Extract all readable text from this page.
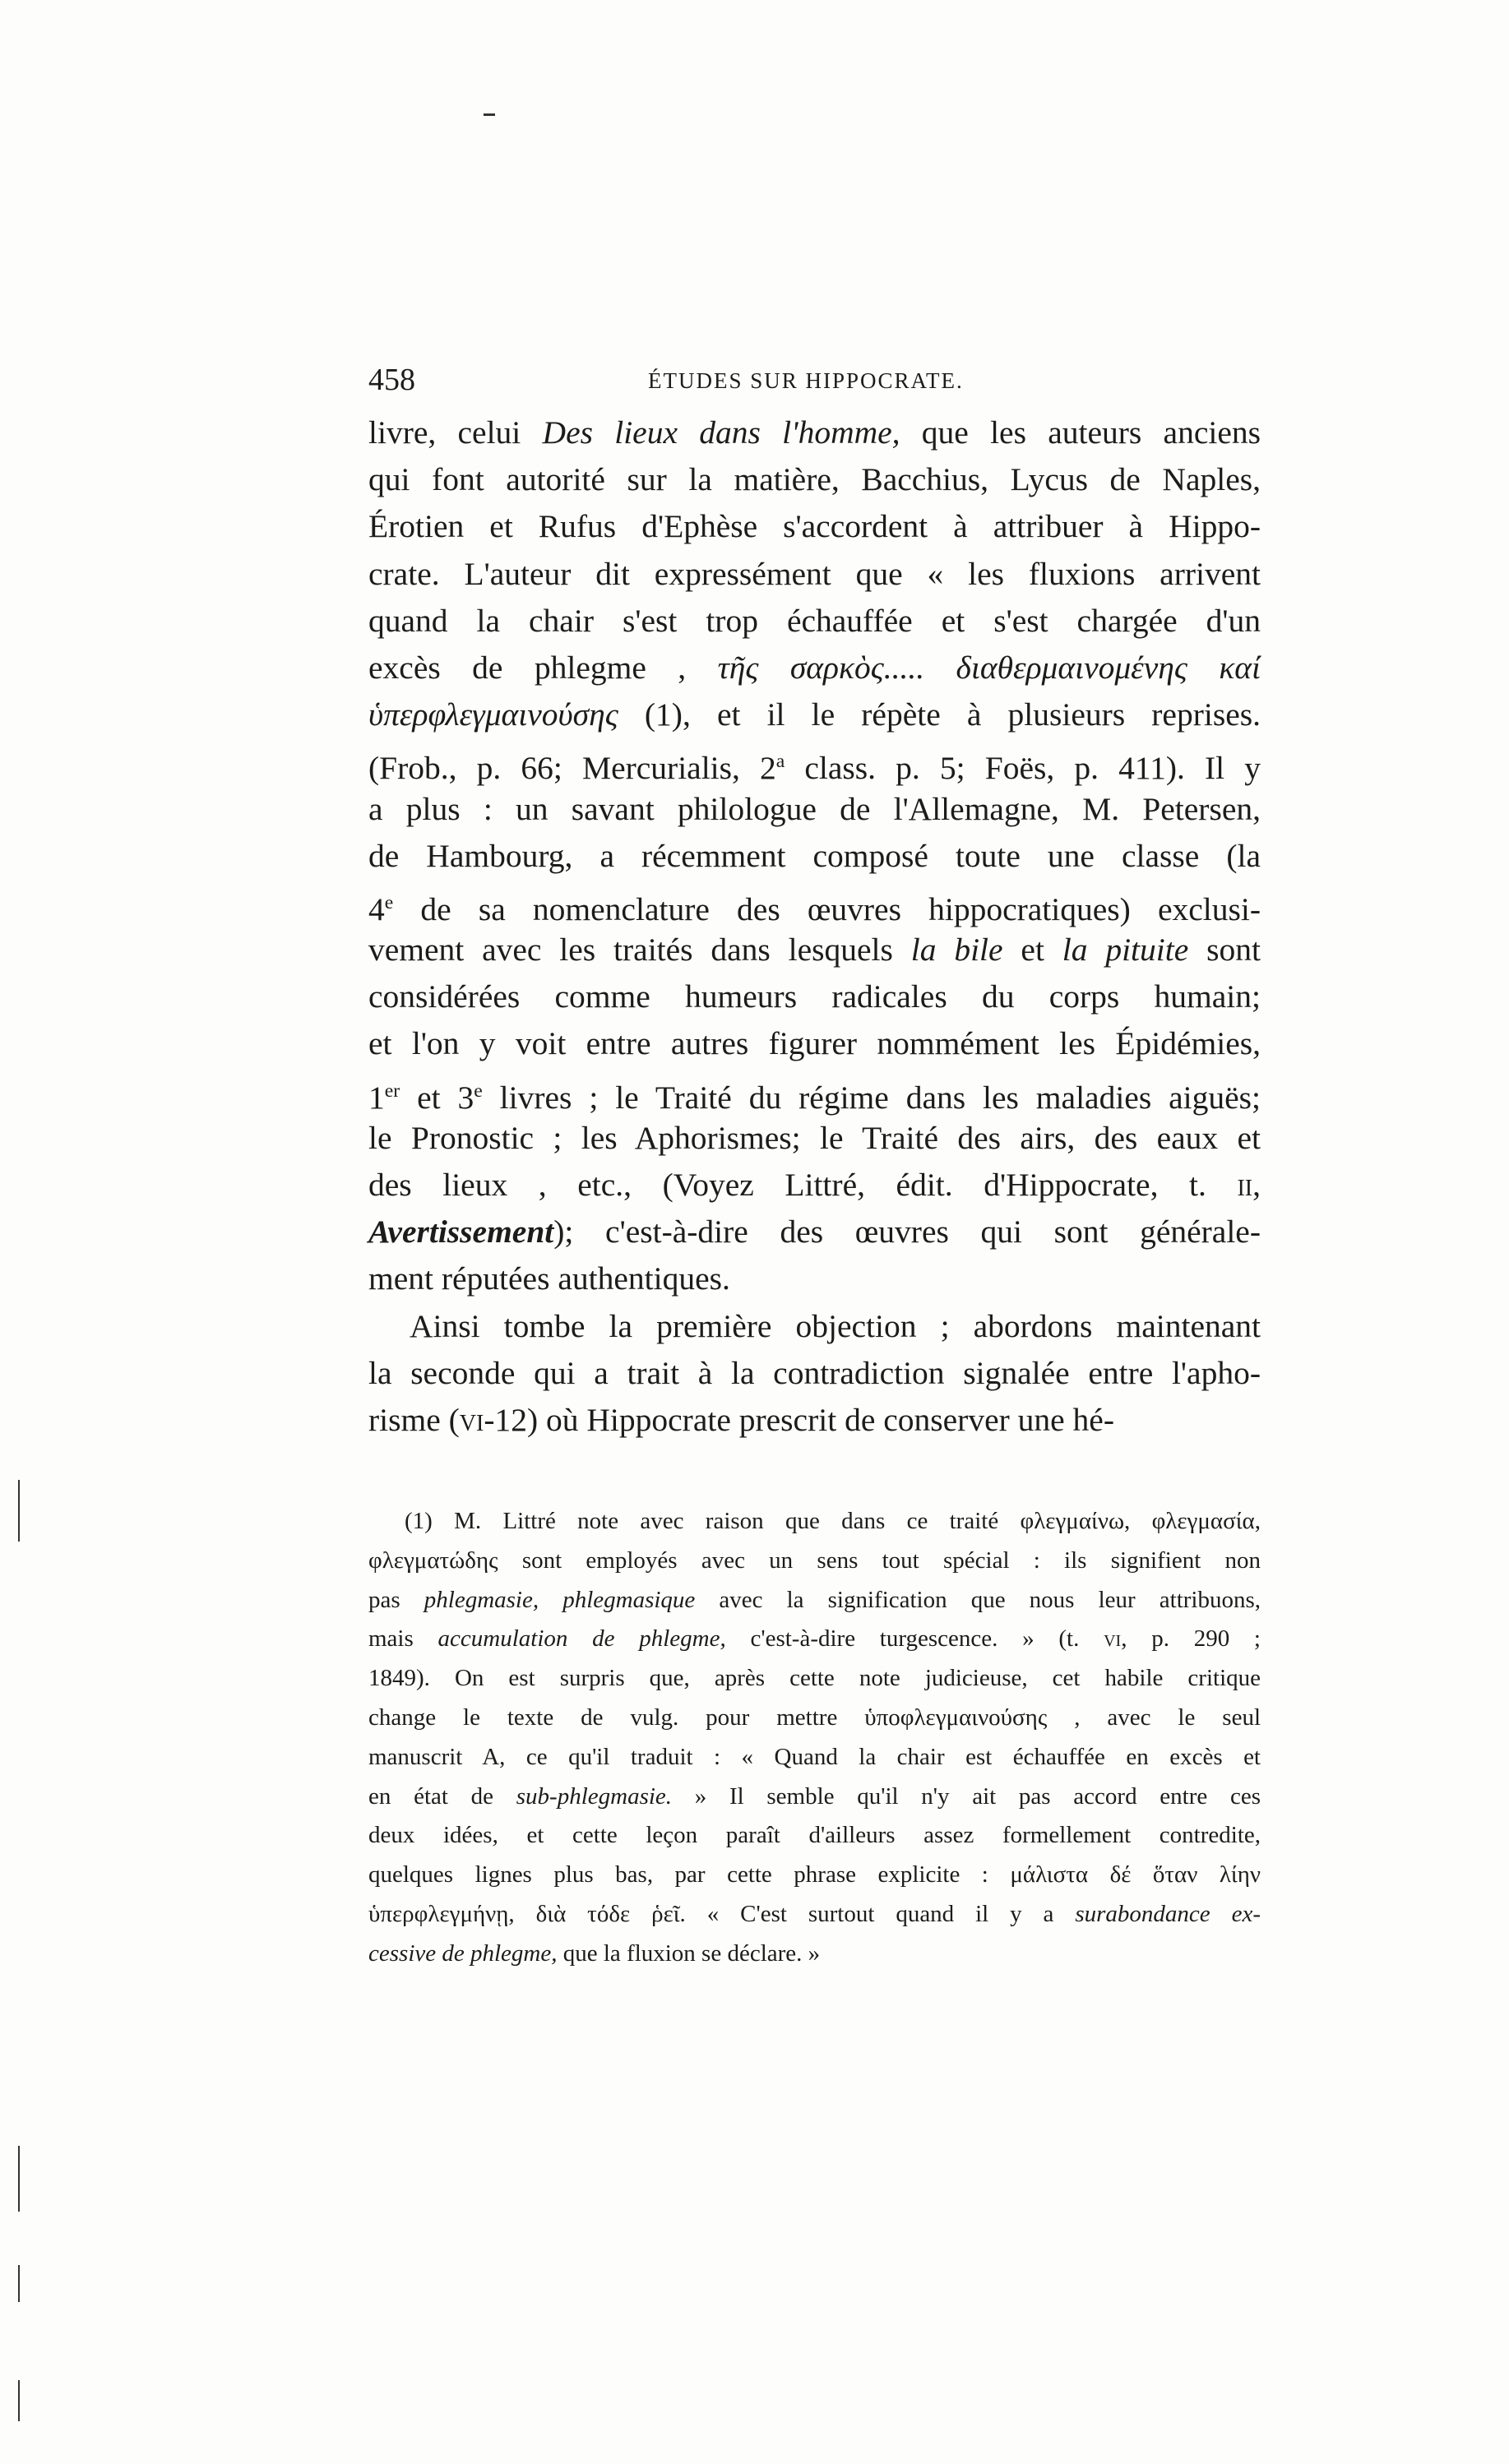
458	ÉTUDES SUR HIPPOCRATE.
livre, celui Des lieux dans l'homme, que les auteurs anciens
qui font autorité sur la matière, Bacchius, Lycus de Naples,
Érotien et Rufus d'Ephèse s'accordent à attribuer à Hippo-
crate. L'auteur dit expressément que « les fluxions arrivent
quand la chair s'est trop échauffée et s'est chargée d'un
excès de phlegme , τῆς σαρκὸς..... διαθερμαινομένης καί
ὑπερφλεγμαινούσης (1), et il le répète à plusieurs reprises.
(Frob., p. 66; Mercurialis, 2$^a$ class. p. 5; Foës, p. 411). Il y
a plus : un savant philologue de l'Allemagne, M. Petersen,
de Hambourg, a récemment composé toute une classe (la
4e de sa nomenclature des œuvres hippocratiques) exclusi-
vement avec les traités dans lesquels la bile et la pituite sont
considérées comme humeurs radicales du corps humain;
et l'on y voit entre autres figurer nommément les Épidémies,
1er et 3e livres ; le Traité du régime dans les maladies aiguës;
le Pronostic ; les Aphorismes; le Traité des airs, des eaux et
des lieux , etc., (Voyez Littré, édit. d'Hippocrate, t. ii,
Avertissement); c'est-à-dire des œuvres qui sont générale-
ment réputées authentiques.
Ainsi tombe la première objection ; abordons maintenant
la seconde qui a trait à la contradiction signalée entre l'apho-
risme (vi-12) où Hippocrate prescrit de conserver une hé-
(1) M. Littré note avec raison que dans ce traité φλεγμαίνω, φλεγμασία,
φλεγματώδης sont employés avec un sens tout spécial : ils signifient non
pas phlegmasie, phlegmasique avec la signification que nous leur attribuons,
mais accumulation de phlegme, c'est-à-dire turgescence. » (t. vi, p. 290 ;
1849). On est surpris que, après cette note judicieuse, cet habile critique
change le texte de vulg. pour mettre ὑποφλεγμαινούσης , avec le seul
manuscrit A, ce qu'il traduit : « Quand la chair est échauffée en excès et
en état de sub-phlegmasie. » Il semble qu'il n'y ait pas accord entre ces
deux idées, et cette leçon paraît d'ailleurs assez formellement contredite,
quelques lignes plus bas, par cette phrase explicite : μάλιστα δέ ὅταν λίην
ὑπερφλεγμήνῃ, διὰ τόδε ῥεῖ. « C'est surtout quand il y a surabondance ex-
cessive de phlegme, que la fluxion se déclare. »
